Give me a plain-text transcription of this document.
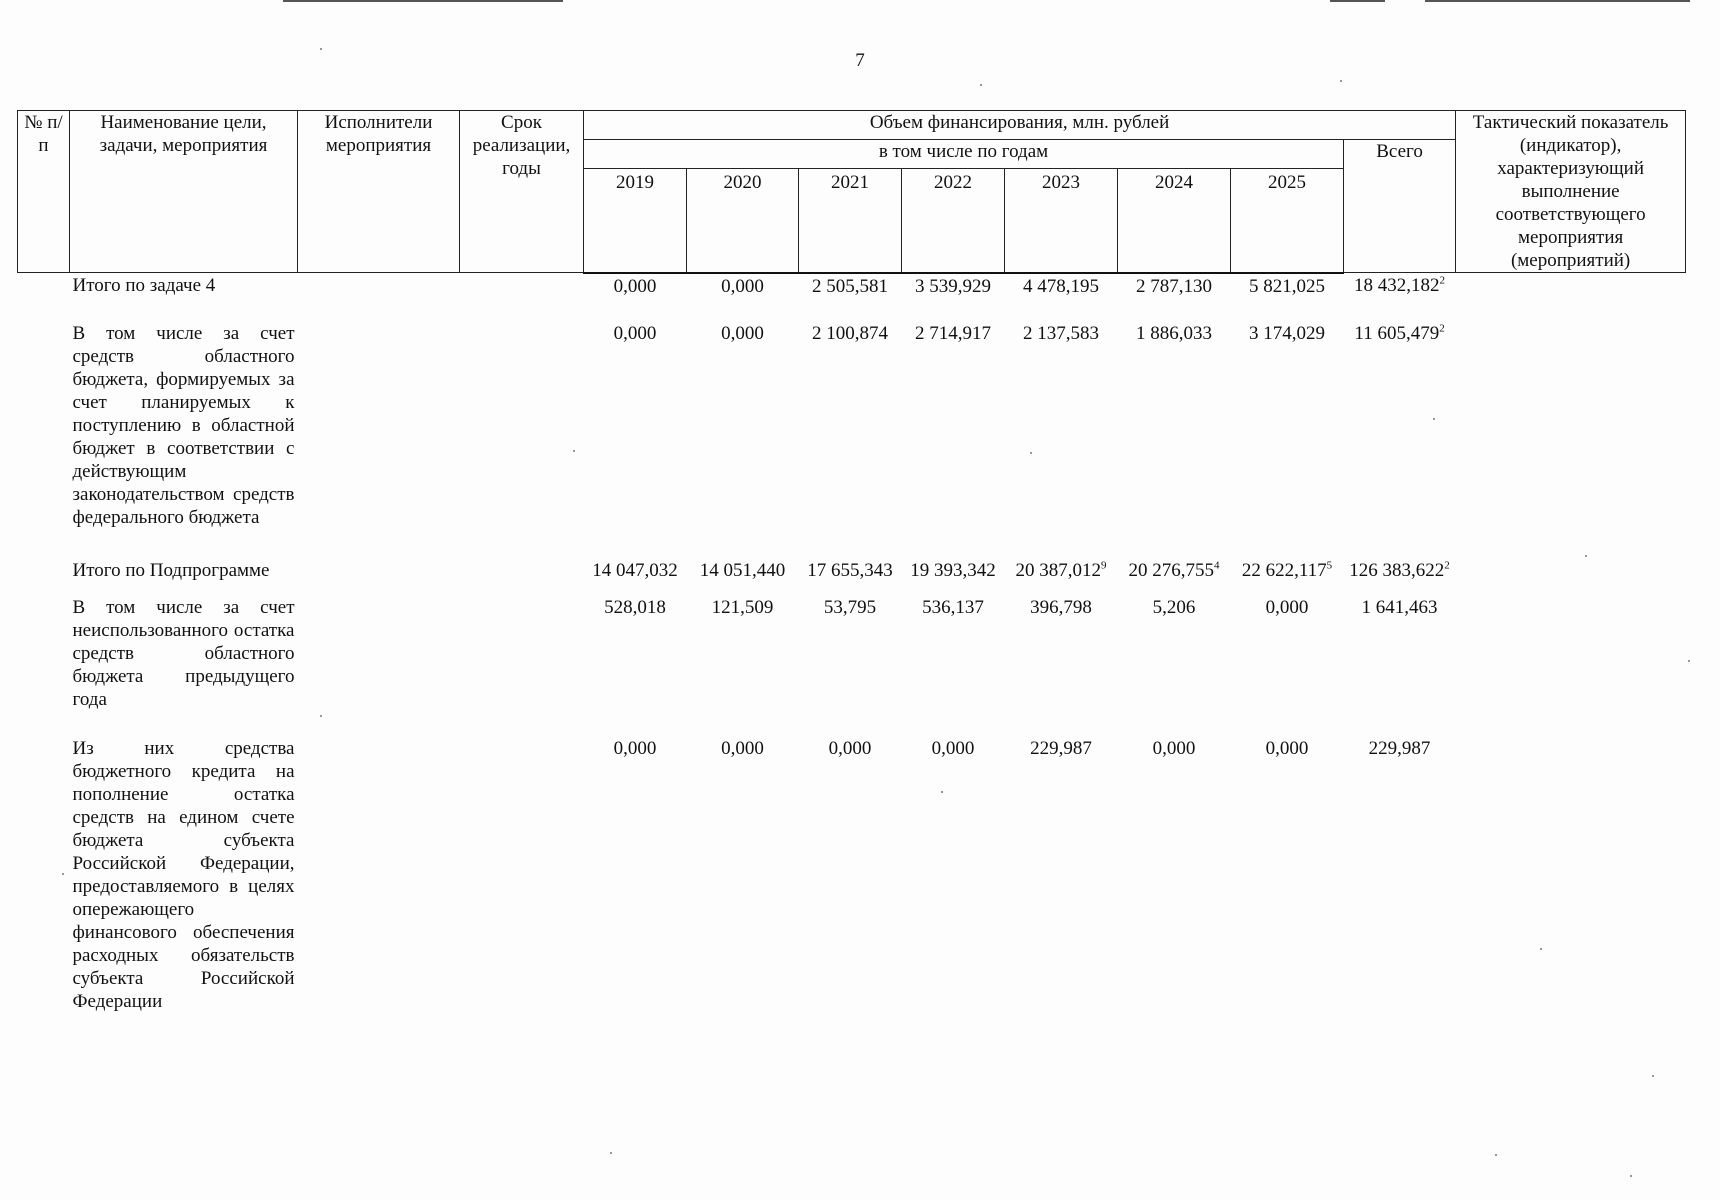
7
№ п/п	Наименование цели, задачи, мероприятия	Исполнители мероприятия	Срок реализации, годы	Объем финансирования, млн. рублей								Тактический показатель (индикатор), характеризующий выполнение соответствующего мероприятия (мероприятий)
				в том числе по годам							Всего	
				2019	2020	2021	2022	2023	2024	2025		
	Итого по задаче 4			0,000	0,000	2 505,581	3 539,929	4 478,195	2 787,130	5 821,025	18 432,182$^2$	
	В том числе за счет средств областного бюджета, формируемых за счет планируемых к поступлению в областной бюджет в соответствии с действующим законодательством средств федерального бюджета			0,000	0,000	2 100,874	2 714,917	2 137,583	1 886,033	3 174,029	11 605,479$^2$	
	Итого по Подпрограмме			14 047,032	14 051,440	17 655,343	19 393,342	20 387,012$^9$	20 276,755$^4$	22 622,117$^5$	126 383,622$^2$	
	В том числе за счет неиспользованного остатка средств областного бюджета предыдущего года			528,018	121,509	53,795	536,137	396,798	5,206	0,000	1 641,463	
	Из них средства бюджетного кредита на пополнение остатка средств на едином счете бюджета субъекта Российской Федерации, предоставляемого в целях опережающего финансового обеспечения расходных обязательств субъекта Российской Федерации			0,000	0,000	0,000	0,000	229,987	0,000	0,000	229,987	
